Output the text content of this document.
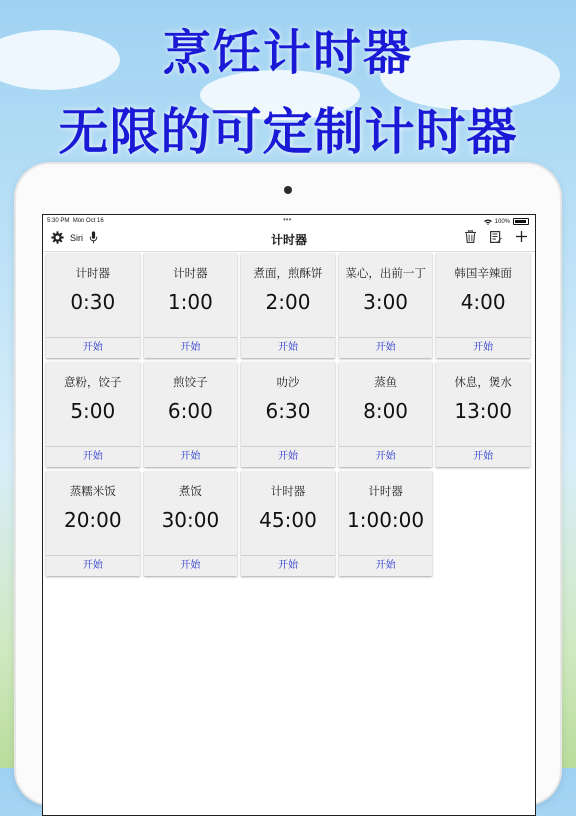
烹饪计时器
无限的可定制计时器
5:30 PM Mon Oct 16	•••	100%
Siri	计时器
计时器
0:30
开始
计时器
1:00
开始
煮面，煎酥饼
2:00
开始
菜心，出前一丁
3:00
开始
韩国辛辣面
4:00
开始
意粉，饺子
5:00
开始
煎饺子
6:00
开始
叻沙
6:30
开始
蒸鱼
8:00
开始
休息，煲水
13:00
开始
蒸糯米饭
20:00
开始
煮饭
30:00
开始
计时器
45:00
开始
计时器
1:00:00
开始
